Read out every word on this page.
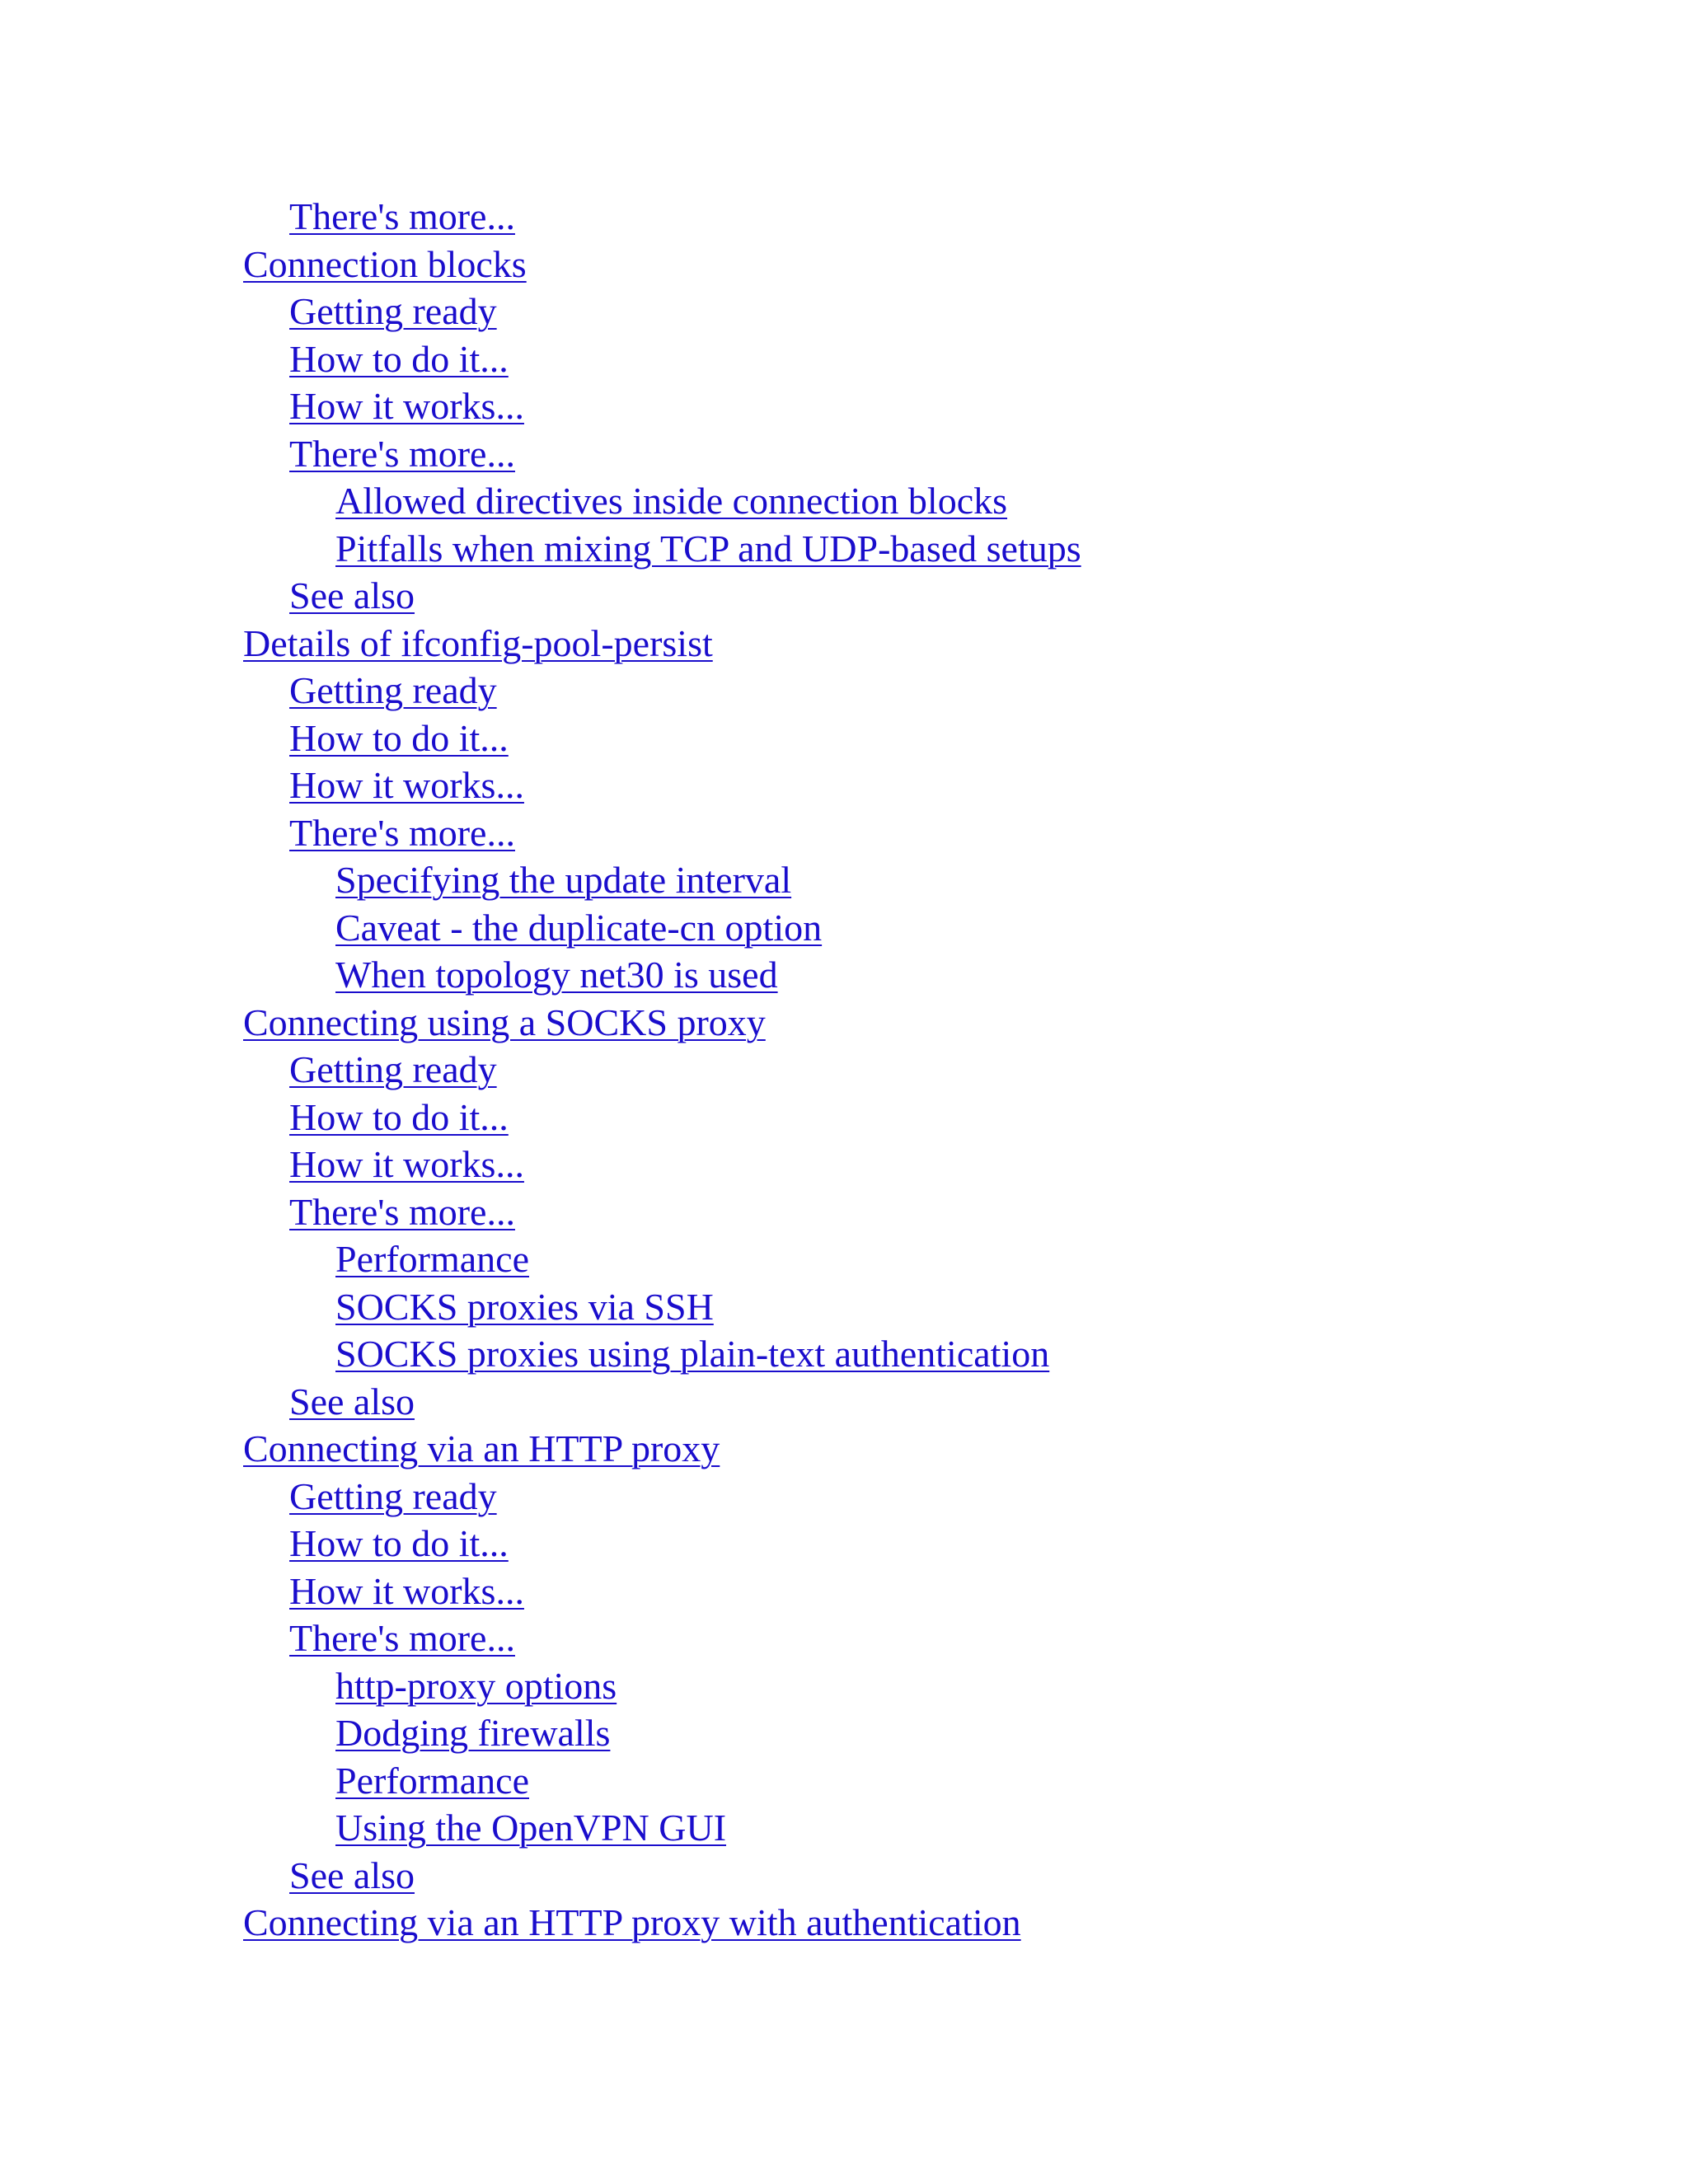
There's more...
Connection blocks
Getting ready
How to do it...
How it works...
There's more...
Allowed directives inside connection blocks
Pitfalls when mixing TCP and UDP-based setups
See also
Details of ifconfig-pool-persist
Getting ready
How to do it...
How it works...
There's more...
Specifying the update interval
Caveat - the duplicate-cn option
When topology net30 is used
Connecting using a SOCKS proxy
Getting ready
How to do it...
How it works...
There's more...
Performance
SOCKS proxies via SSH
SOCKS proxies using plain-text authentication
See also
Connecting via an HTTP proxy
Getting ready
How to do it...
How it works...
There's more...
http-proxy options
Dodging firewalls
Performance
Using the OpenVPN GUI
See also
Connecting via an HTTP proxy with authentication
